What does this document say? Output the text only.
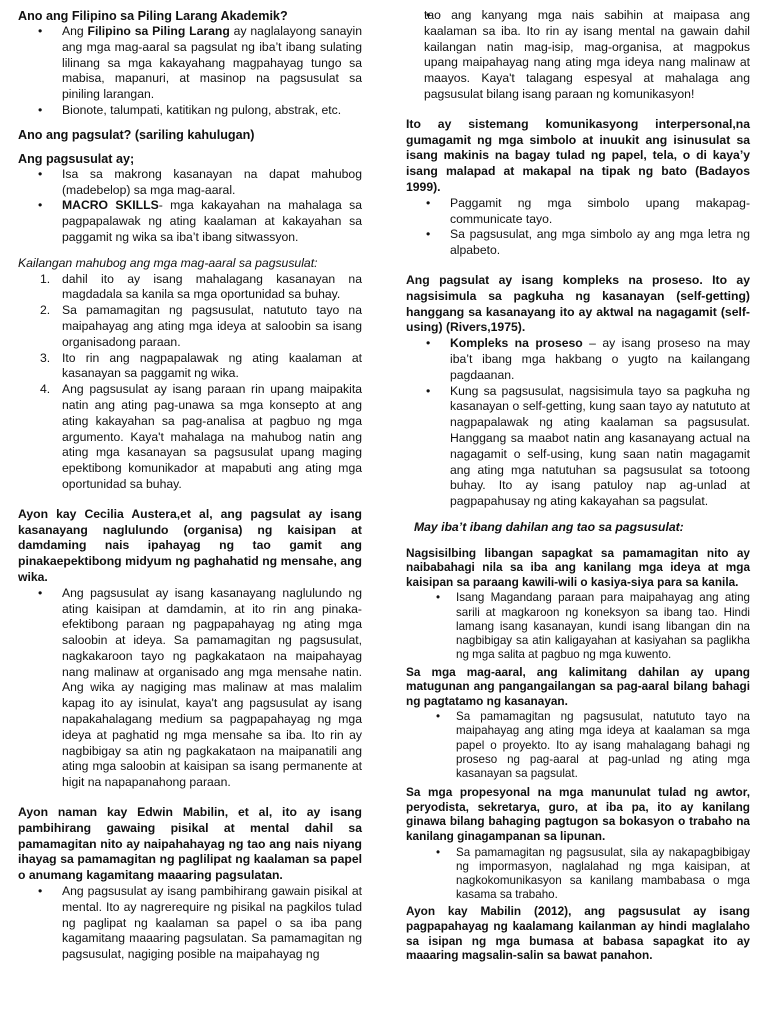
Ano ang Filipino sa Piling Larang Akademik?

• Ang Filipino sa Piling Larang ay naglalayong sanayin ang mga mag-aaral sa pagsulat ng iba’t ibang sulating lilinang sa mga kakayahang magpahayag tungo sa mabisa, mapanuri, at masinop na pagsusulat sa piniling larangan.
• Bionote, talumpati, katitikan ng pulong, abstrak, etc.

Ano ang pagsulat? (sariling kahulugan)

Ang pagsusulat ay;

• Isa sa makrong kasanayan na dapat mahubog (madebelop) sa mga mag-aaral.
• MACRO SKILLS- mga kakayahan na mahalaga sa pagpapalawak ng ating kaalaman at kakayahan sa paggamit ng wika sa iba’t ibang sitwassyon.

Kailangan mahubog ang mga mag-aaral sa pagsusulat:

1. dahil ito ay isang mahalagang kasanayan na magdadala sa kanila sa mga oportunidad sa buhay.
2. Sa pamamagitan ng pagsusulat, natututo tayo na maipahayag ang ating mga ideya at saloobin sa isang organisadong paraan.
3. Ito rin ang nagpapalawak ng ating kaalaman at kasanayan sa paggamit ng wika.
4. Ang pagsusulat ay isang paraan rin upang maipakita natin ang ating pag-unawa sa mga konsepto at ang ating kakayahan sa pag-analisa at pagbuo ng mga argumento. Kaya't mahalaga na mahubog natin ang ating mga kasanayan sa pagsusulat upang maging epektibong komunikador at mapabuti ang ating mga oportunidad sa buhay.

Ayon kay Cecilia Austera,et al, ang pagsulat ay isang kasanayang naglulundo (organisa) ng kaisipan at damdaming nais ipahayag ng tao gamit ang pinakaepektibong midyum ng paghahatid ng mensahe, ang wika.

• Ang pagsusulat ay isang kasanayang naglulundo ng ating kaisipan at damdamin, at ito rin ang pinaka-efektibong paraan ng pagpapahayag ng ating mga saloobin at ideya. Sa pamamagitan ng pagsusulat, nagkakaroon tayo ng pagkakataon na maipahayag nang malinaw at organisado ang mga mensahe natin. Ang wika ay nagiging mas malinaw at mas malalim kapag ito ay isinulat, kaya't ang pagsusulat ay isang napakahalagang medium sa pagpapahayag ng mga ideya at paghatid ng mga mensahe sa iba. Ito rin ay nagbibigay sa atin ng pagkakataon na maipanatili ang ating mga saloobin at kaisipan sa isang permanente at higit na napapanahong paraan.

Ayon naman kay Edwin Mabilin, et al, ito ay isang pambihirang gawaing pisikal at mental dahil sa pamamagitan nito ay naipahahayag ng tao ang nais niyang ihayag sa pamamagitan ng paglilipat ng kaalaman sa papel o anumang kagamitang maaaring pagsulatan.

• Ang pagsusulat ay isang pambihirang gawain pisikal at mental. Ito ay nagrerequire ng pisikal na pagkilos tulad ng paglipat ng kaalaman sa papel o sa iba pang kagamitang maaaring pagsulatan. Sa pamamagitan ng pagsusulat, nagiging posible na maipahayag ng
• tao ang kanyang mga nais sabihin at maipasa ang kaalaman sa iba. Ito rin ay isang mental na gawain dahil kailangan natin mag-isip, mag-organisa, at magpokus upang maipahayag nang ating mga ideya nang malinaw at maayos. Kaya't talagang espesyal at mahalaga ang pagsusulat bilang isang paraan ng komunikasyon!

Ito ay sistemang komunikasyong interpersonal,na gumagamit ng mga simbolo at inuukit ang isinusulat sa isang makinis na bagay tulad ng papel, tela, o di kaya’y isang malapad at makapal na tipak ng bato (Badayos 1999).

• Paggamit ng mga simbolo upang makapag-communicate tayo.
• Sa pagsusulat, ang mga simbolo ay ang mga letra ng alpabeto.

Ang pagsulat ay isang kompleks na proseso. Ito ay nagsisimula sa pagkuha ng kasanayan (self-getting) hanggang sa kasanayang ito ay aktwal na nagagamit (self-using) (Rivers,1975).

• Kompleks na proseso – ay isang proseso na may iba’t ibang mga hakbang o yugto na kailangang pagdaanan.
• Kung sa pagsusulat, nagsisimula tayo sa pagkuha ng kasanayan o self-getting, kung saan tayo ay natututo at nagpapalawak ng ating kaalaman sa pagsusulat. Hanggang sa maabot natin ang kasanayang actual na nagagamit o self-using, kung saan natin magagamit ang ating mga natutuhan sa pagsusulat sa totoong buhay. Ito ay isang patuloy nap ag-unlad at pagpapahusay ng ating kakayahan sa pagsulat.

May iba’t ibang dahilan ang tao sa pagsusulat:

Nagsisilbing libangan sapagkat sa pamamagitan nito ay naibabahagi nila sa iba ang kanilang mga ideya at mga kaisipan sa paraang kawili-wili o kasiya-siya para sa kanila.

• Isang Magandang paraan para maipahayag ang ating sarili at magkaroon ng koneksyon sa ibang tao. Hindi lamang isang kasanayan, kundi isang libangan din na nagbibigay sa atin kaligayahan at kasiyahan sa paglikha ng mga salita at pagbuo ng mga kuwento.

Sa mga mag-aaral, ang kalimitang dahilan ay upang matugunan ang pangangailangan sa pag-aaral bilang bahagi ng pagtatamo ng kasanayan.

• Sa pamamagitan ng pagsusulat, natututo tayo na maipahayag ang ating mga ideya at kaalaman sa mga papel o proyekto. Ito ay isang mahalagang bahagi ng proseso ng pag-aaral at pag-unlad ng ating mga kasanayan sa pagsulat.

Sa mga propesyonal na mga manunulat tulad ng awtor, peryodista, sekretarya, guro, at iba pa, ito ay kanilang ginawa bilang bahaging pagtugon sa bokasyon o trabaho na kanilang ginagampanan sa lipunan.

• Sa pamamagitan ng pagsusulat, sila ay nakapagbibigay ng impormasyon, naglalahad ng mga kaisipan, at nagkokomunikasyon sa kanilang mambabasa o mga kasama sa trabaho.

Ayon kay Mabilin (2012), ang pagsusulat ay isang pagpapahayag ng kaalamang kailanman ay hindi maglalaho sa isipan ng mga bumasa at babasa sapagkat ito ay maaaring magsalin-salin sa bawat panahon.
